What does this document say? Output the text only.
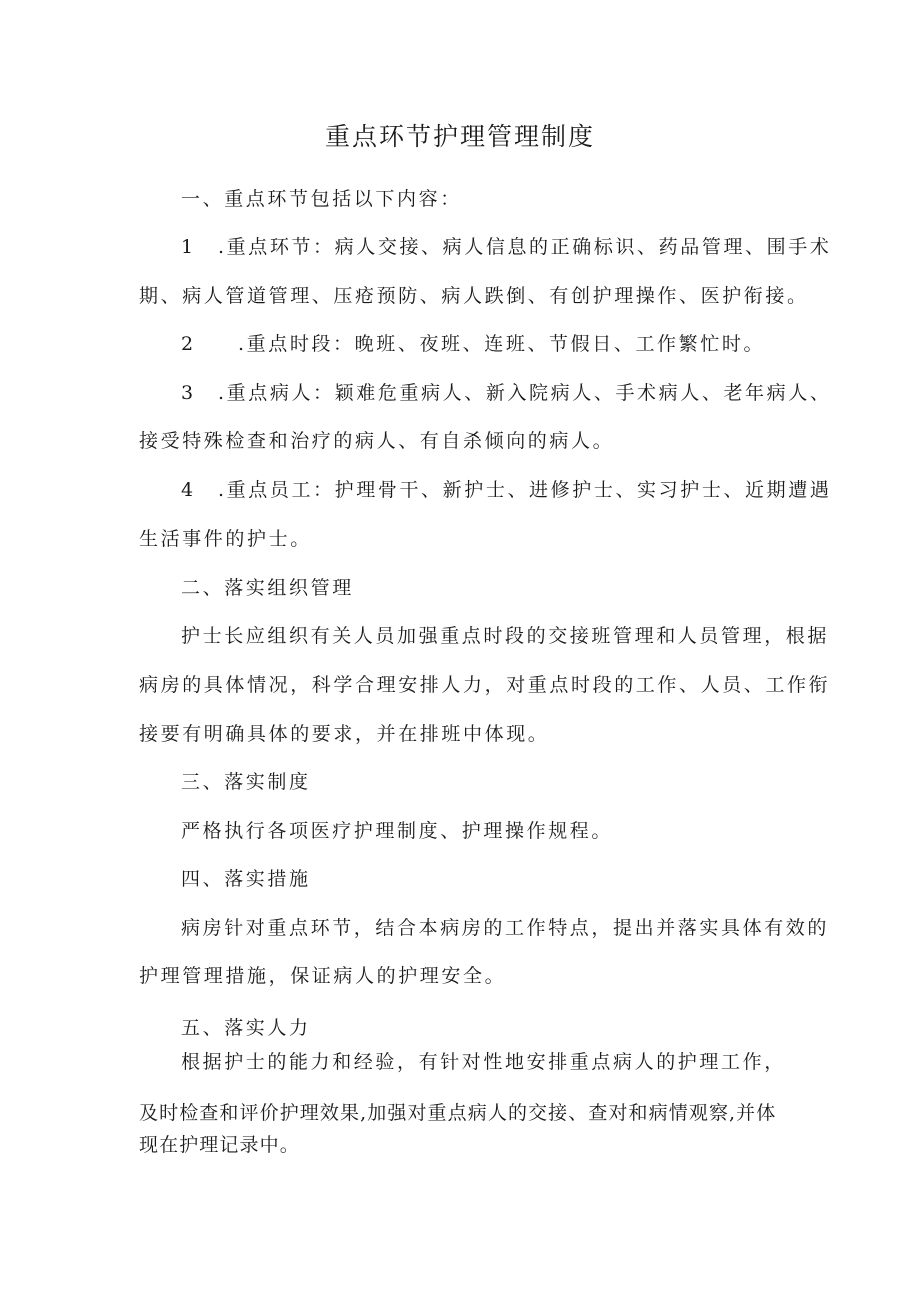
重点环节护理管理制度
一、重点环节包括以下内容：
1 .重点环节：病人交接、病人信息的正确标识、药品管理、围手术
期、病人管道管理、压疮预防、病人跌倒、有创护理操作、医护衔接。
2 .重点时段：晚班、夜班、连班、节假日、工作繁忙时。
3 .重点病人：颖难危重病人、新入院病人、手术病人、老年病人、
接受特殊检查和治疗的病人、有自杀倾向的病人。
4 .重点员工：护理骨干、新护士、进修护士、实习护士、近期遭遇
生活事件的护士。
二、落实组织管理
护士长应组织有关人员加强重点时段的交接班管理和人员管理，根据
病房的具体情况，科学合理安排人力，对重点时段的工作、人员、工作衔
接要有明确具体的要求，并在排班中体现。
三、落实制度
严格执行各项医疗护理制度、护理操作规程。
四、落实措施
病房针对重点环节，结合本病房的工作特点，提出并落实具体有效的
护理管理措施，保证病人的护理安全。
五、落实人力
根据护士的能力和经验，有针对性地安排重点病人的护理工作，
及时检查和评价护理效果,加强对重点病人的交接、查对和病情观察,并体
现在护理记录中。
